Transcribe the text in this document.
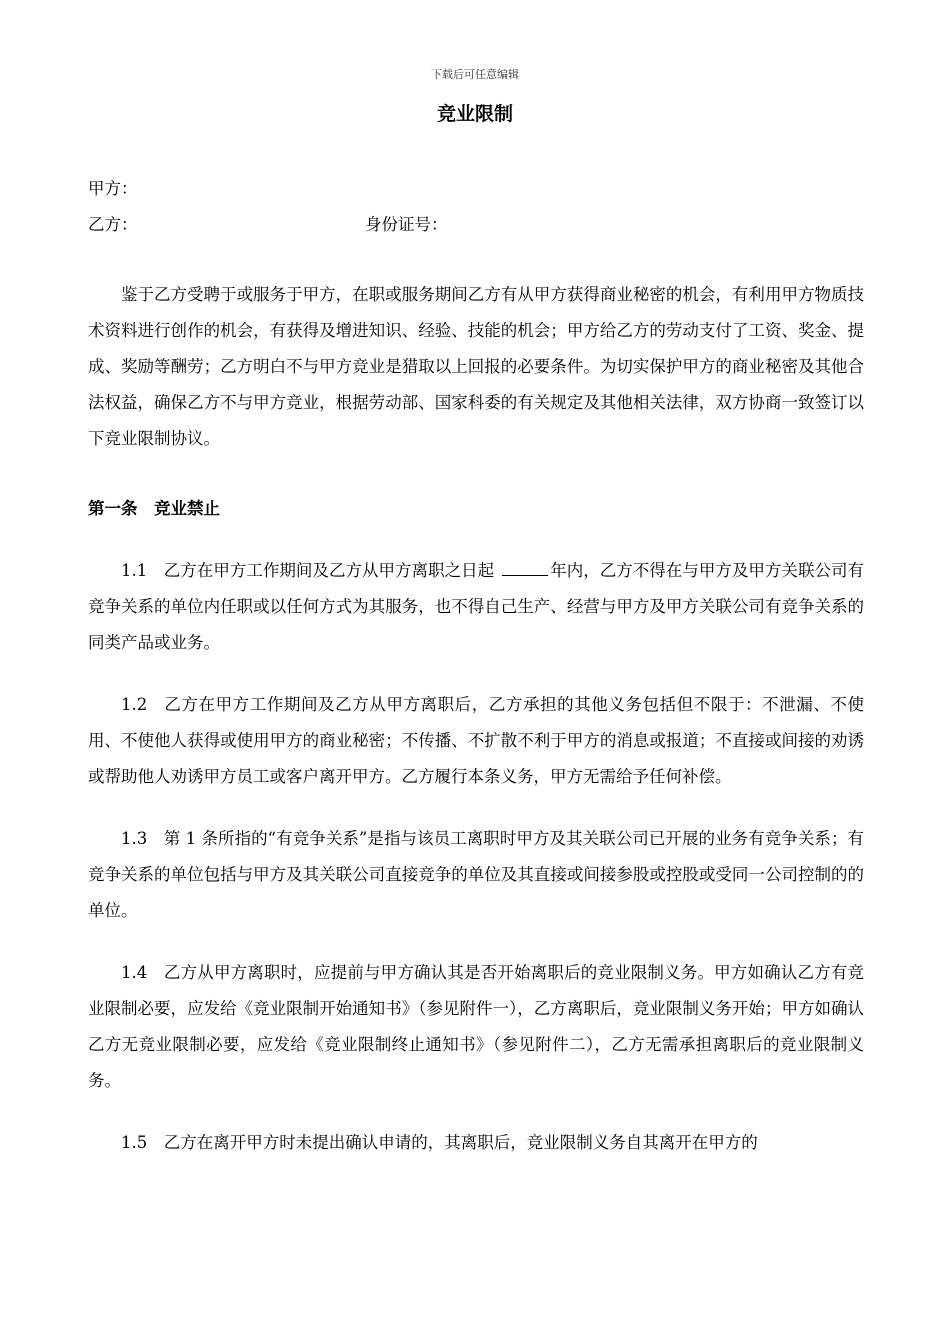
下载后可任意编辑
竞业限制
甲方：
乙方：	身份证号：

鉴于乙方受聘于或服务于甲方，在职或服务期间乙方有从甲方获得商业秘密的机会，有利用甲方物质技术资料进行创作的机会，有获得及增进知识、经验、技能的机会；甲方给乙方的劳动支付了工资、奖金、提成、奖励等酬劳；乙方明白不与甲方竞业是猎取以上回报的必要条件。为切实保护甲方的商业秘密及其他合法权益，确保乙方不与甲方竞业，根据劳动部、国家科委的有关规定及其他相关法律，双方协商一致签订以下竞业限制协议。

第一条　竞业禁止

1.1 乙方在甲方工作期间及乙方从甲方离职之日起	年内，乙方不得在与甲方及甲方关联公司有竞争关系的单位内任职或以任何方式为其服务，也不得自己生产、经营与甲方及甲方关联公司有竞争关系的同类产品或业务。

1.2 乙方在甲方工作期间及乙方从甲方离职后，乙方承担的其他义务包括但不限于：不泄漏、不使用、不使他人获得或使用甲方的商业秘密；不传播、不扩散不利于甲方的消息或报道；不直接或间接的劝诱或帮助他人劝诱甲方员工或客户离开甲方。乙方履行本条义务，甲方无需给予任何补偿。

1.3 第 1 条所指的“有竞争关系”是指与该员工离职时甲方及其关联公司已开展的业务有竞争关系；有竞争关系的单位包括与甲方及其关联公司直接竞争的单位及其直接或间接参股或控股或受同一公司控制的的单位。

1.4 乙方从甲方离职时，应提前与甲方确认其是否开始离职后的竞业限制义务。甲方如确认乙方有竞业限制必要，应发给《竞业限制开始通知书》（参见附件一），乙方离职后，竞业限制义务开始；甲方如确认乙方无竞业限制必要，应发给《竞业限制终止通知书》（参见附件二），乙方无需承担离职后的竞业限制义务。

1.5 乙方在离开甲方时未提出确认申请的，其离职后，竞业限制义务自其离开在甲方的
